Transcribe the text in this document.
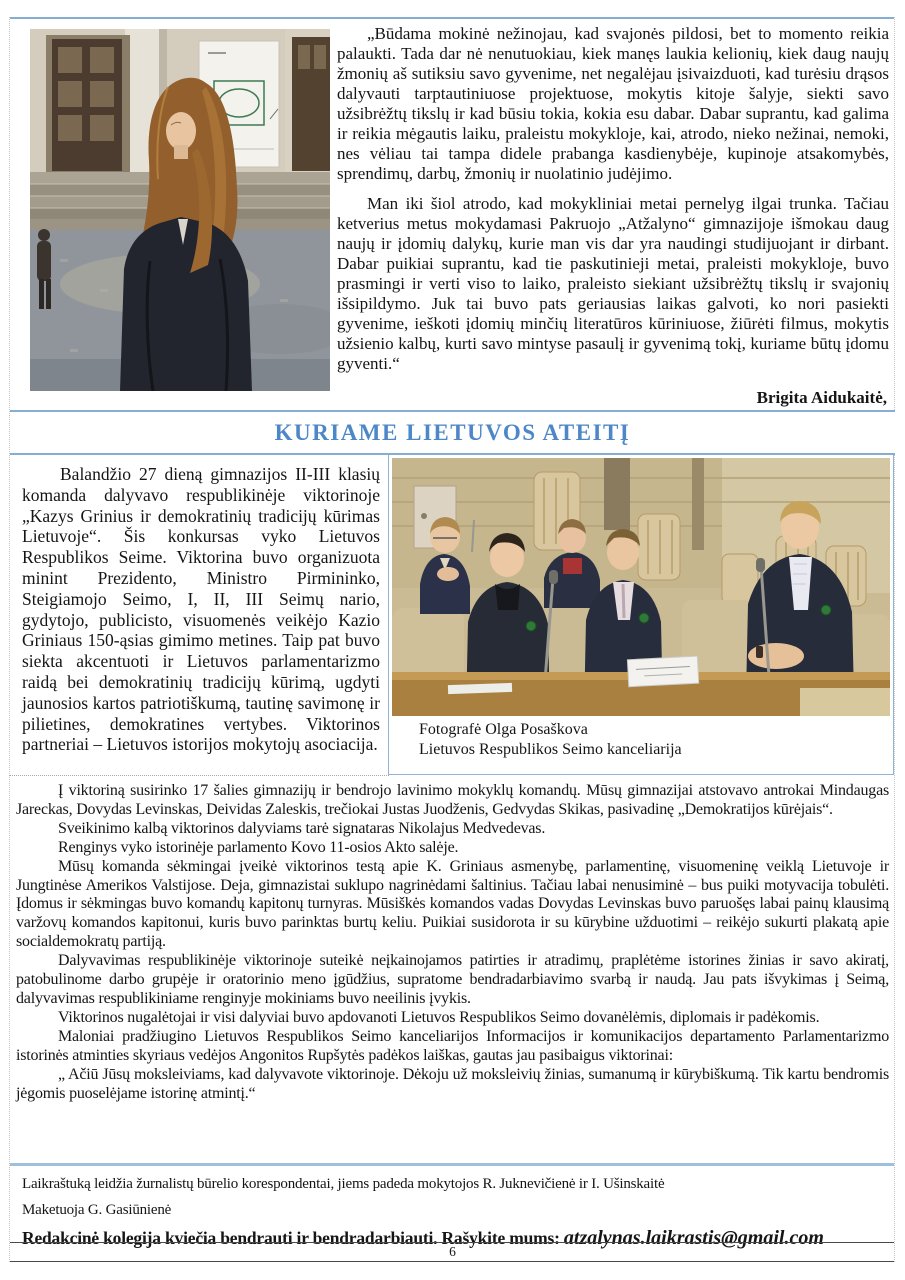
„Būdama mokinė nežinojau, kad svajonės pildosi, bet to momento reikia palaukti. Tada dar nė nenutuokiau, kiek manęs laukia kelionių, kiek daug naujų žmonių aš sutiksiu savo gyvenime, net negalėjau įsivaizduoti, kad turėsiu drąsos dalyvauti tarptautiniuose projektuose, mokytis kitoje šalyje, siekti savo užsibrėžtų tikslų ir kad būsiu tokia, kokia esu dabar. Dabar suprantu, kad galima ir reikia mėgautis laiku, praleistu mokykloje, kai, atrodo, nieko nežinai, nemoki, nes vėliau tai tampa didele prabanga kasdienybėje, kupinoje atsakomybės, sprendimų, darbų, žmonių ir nuolatinio judėjimo.

Man iki šiol atrodo, kad mokykliniai metai pernelyg ilgai trunka. Tačiau ketverius metus mokydamasi Pakruojo „Atžalyno“ gimnazijoje išmokau daug naujų ir įdomių dalykų, kurie man vis dar yra naudingi studijuojant ir dirbant. Dabar puikiai suprantu, kad tie paskutinieji metai, praleisti mokykloje, buvo prasmingi ir verti viso to laiko, praleisto siekiant užsibrėžtų tikslų ir svajonių išsipildymo. Juk tai buvo pats geriausias laikas galvoti, ko nori pasiekti gyvenime, ieškoti įdomių minčių literatūros kūriniuose, žiūrėti filmus, mokytis užsienio kalbų, kurti savo mintyse pasaulį ir gyvenimą tokį, kuriame būtų įdomu gyventi.“

Brigita Aidukaitė,
KURIAME LIETUVOS ATEITĮ

Balandžio 27 dieną gimnazijos II-III klasių komanda dalyvavo respublikinėje viktorinoje „Kazys Grinius ir demokratinių tradicijų kūrimas Lietuvoje“. Šis konkursas vyko Lietuvos Respublikos Seime. Viktorina buvo organizuota minint Prezidento, Ministro Pirmininko, Steigiamojo Seimo, I, II, III Seimų nario, gydytojo, publicisto, visuomenės veikėjo Kazio Griniaus 150-ąsias gimimo metines. Taip pat buvo siekta akcentuoti ir Lietuvos parlamentarizmo raidą bei demokratinių tradicijų kūrimą, ugdyti jaunosios kartos patriotiškumą, tautinę savimonę ir pilietines, demokratines vertybes. Viktorinos partneriai – Lietuvos istorijos mokytojų asociacija.

Fotografė Olga Posaškova
Lietuvos Respublikos Seimo kanceliarija

Į viktoriną susirinko 17 šalies gimnazijų ir bendrojo lavinimo mokyklų komandų. Mūsų gimnazijai atstovavo antrokai Mindaugas Jareckas, Dovydas Levinskas, Deividas Zaleskis, trečiokai Justas Juodženis, Gedvydas Skikas, pasivadinę „Demokratijos kūrėjais“.

Sveikinimo kalbą viktorinos dalyviams tarė signataras Nikolajus Medvedevas.

Renginys vyko istorinėje parlamento Kovo 11-osios Akto salėje.

Mūsų komanda sėkmingai įveikė viktorinos testą apie K. Griniaus asmenybę, parlamentinę, visuomeninę veiklą Lietuvoje ir Jungtinėse Amerikos Valstijose. Deja, gimnazistai suklupo nagrinėdami šaltinius. Tačiau labai nenusiminė – bus puiki motyvacija tobulėti. Įdomus ir sėkmingas buvo komandų kapitonų turnyras. Mūsiškės komandos vadas Dovydas Levinskas buvo paruošęs labai painų klausimą varžovų komandos kapitonui, kuris buvo parinktas burtų keliu. Puikiai susidorota ir su kūrybine užduotimi – reikėjo sukurti plakatą apie socialdemokratų partiją.

Dalyvavimas respublikinėje viktorinoje suteikė neįkainojamos patirties ir atradimų, praplėtėme istorines žinias ir savo akiratį, patobulinome darbo grupėje ir oratorinio meno įgūdžius, supratome bendradarbiavimo svarbą ir naudą. Jau pats išvykimas į Seimą, dalyvavimas respublikiniame renginyje mokiniams buvo neeilinis įvykis.

Viktorinos nugalėtojai ir visi dalyviai buvo apdovanoti Lietuvos Respublikos Seimo dovanėlėmis, diplomais ir padėkomis.

Maloniai pradžiugino Lietuvos Respublikos Seimo kanceliarijos Informacijos ir komunikacijos departamento Parlamentarizmo istorinės atminties skyriaus vedėjos Angonitos Rupšytės padėkos laiškas, gautas jau pasibaigus viktorinai:

„ Ačiū Jūsų moksleiviams, kad dalyvavote viktorinoje. Dėkoju už moksleivių žinias, sumanumą ir kūrybiškumą. Tik kartu bendromis jėgomis puoselėjame istorinę atmintį.“

Laikraštuką leidžia žurnalistų būrelio korespondentai, jiems padeda mokytojos R. Juknevičienė ir I. Ušinskaitė
Maketuoja G. Gasiūnienė
Redakcinė kolegija kviečia bendrauti ir bendradarbiauti. Rašykite mums: atzalynas.laikrastis@gmail.com
6
